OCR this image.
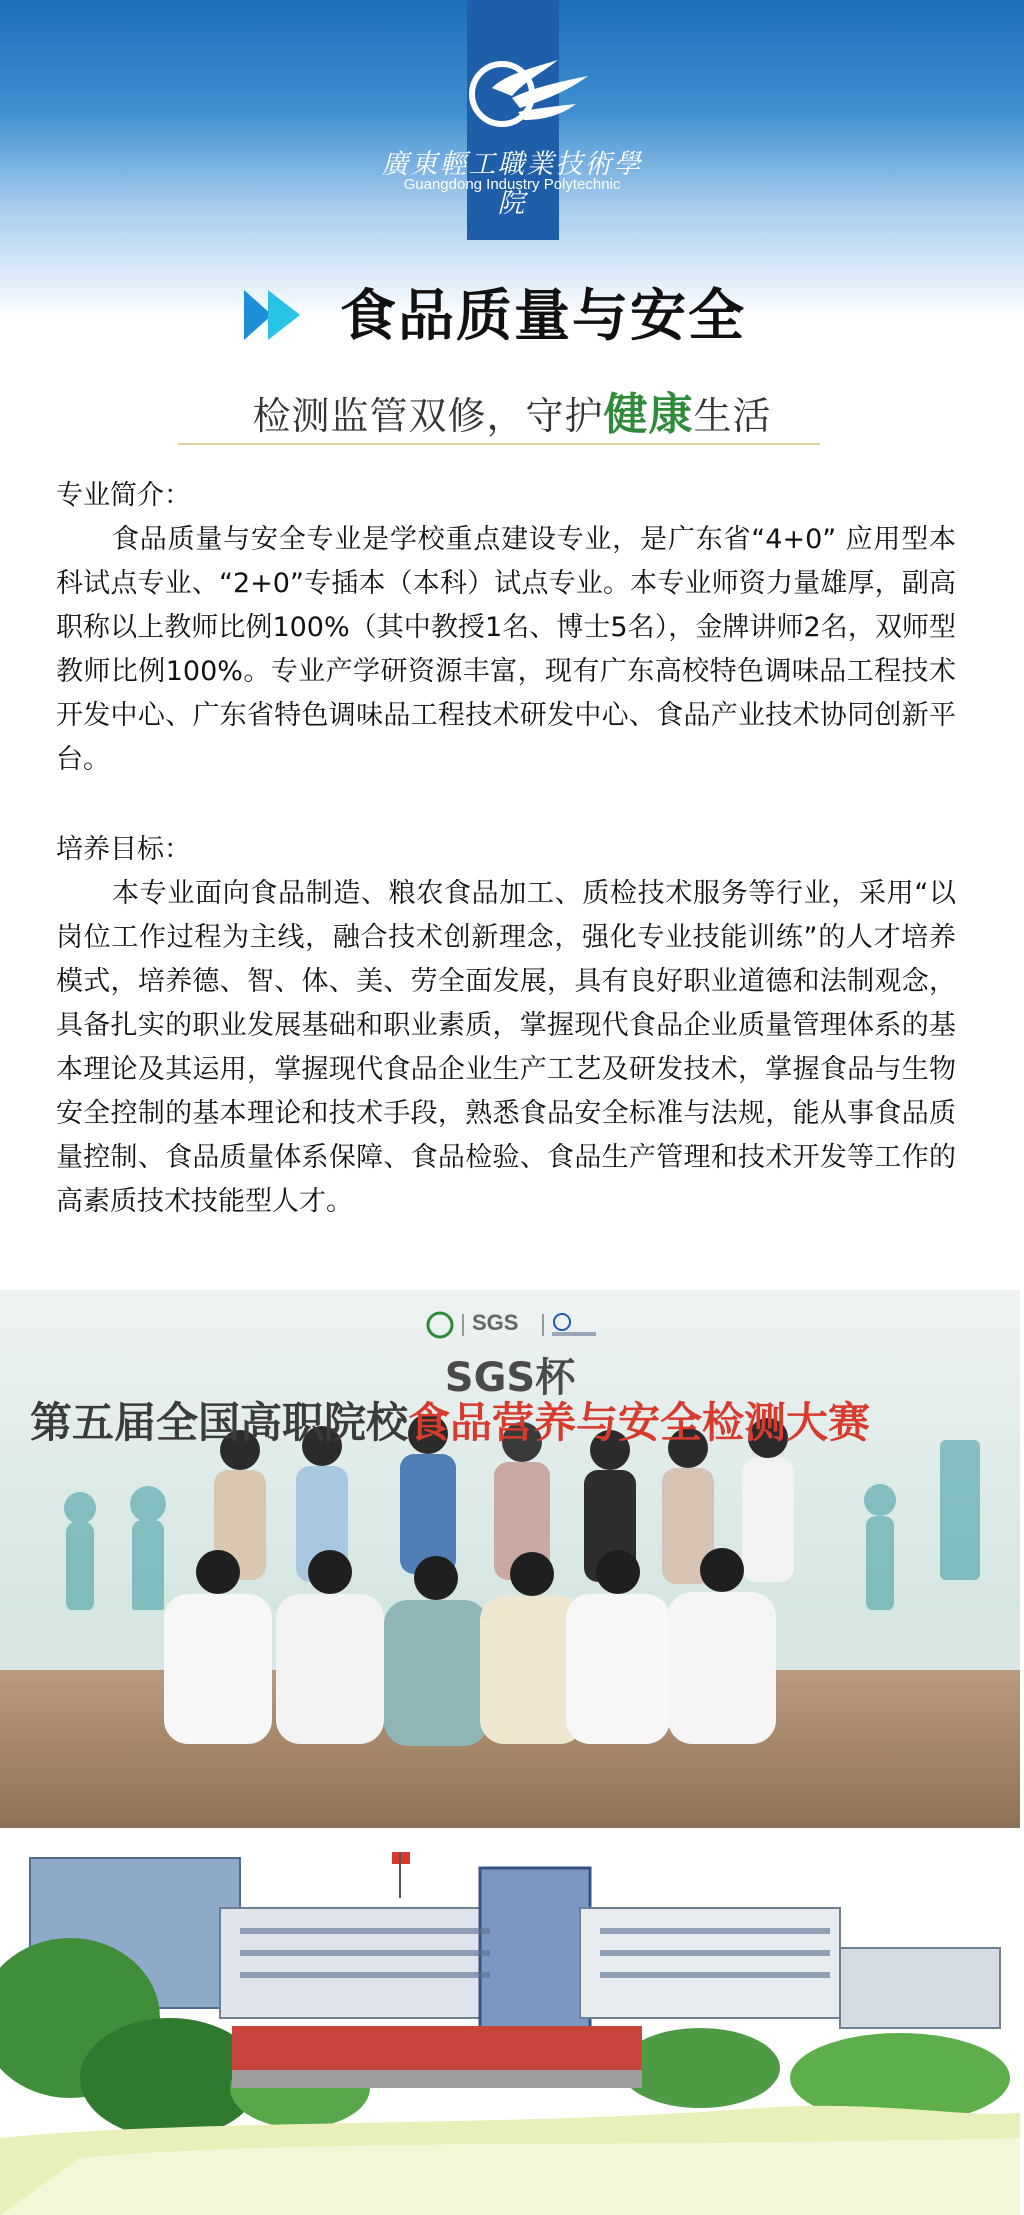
廣東輕工職業技術學院
Guangdong Industry Polytechnic
食品质量与安全
检测监管双修，守护健康生活
专业简介：
食品质量与安全专业是学校重点建设专业，是广东省“4+0” 应用型本科试点专业、“2+0”专插本（本科）试点专业。本专业师资力量雄厚，副高职称以上教师比例100%（其中教授1名、博士5名），金牌讲师2名，双师型教师比例100%。专业产学研资源丰富，现有广东高校特色调味品工程技术开发中心、广东省特色调味品工程技术研发中心、食品产业技术协同创新平台。
培养目标：
本专业面向食品制造、粮农食品加工、质检技术服务等行业，采用“以岗位工作过程为主线，融合技术创新理念，强化专业技能训练”的人才培养模式，培养德、智、体、美、劳全面发展，具有良好职业道德和法制观念，具备扎实的职业发展基础和职业素质，掌握现代食品企业质量管理体系的基本理论及其运用，掌握现代食品企业生产工艺及研发技术，掌握食品与生物安全控制的基本理论和技术手段，熟悉食品安全标准与法规，能从事食品质量控制、食品质量体系保障、食品检验、食品生产管理和技术开发等工作的高素质技术技能型人才。
SGS
SGS杯
第五届全国高职院校食品营养与安全检测大赛
